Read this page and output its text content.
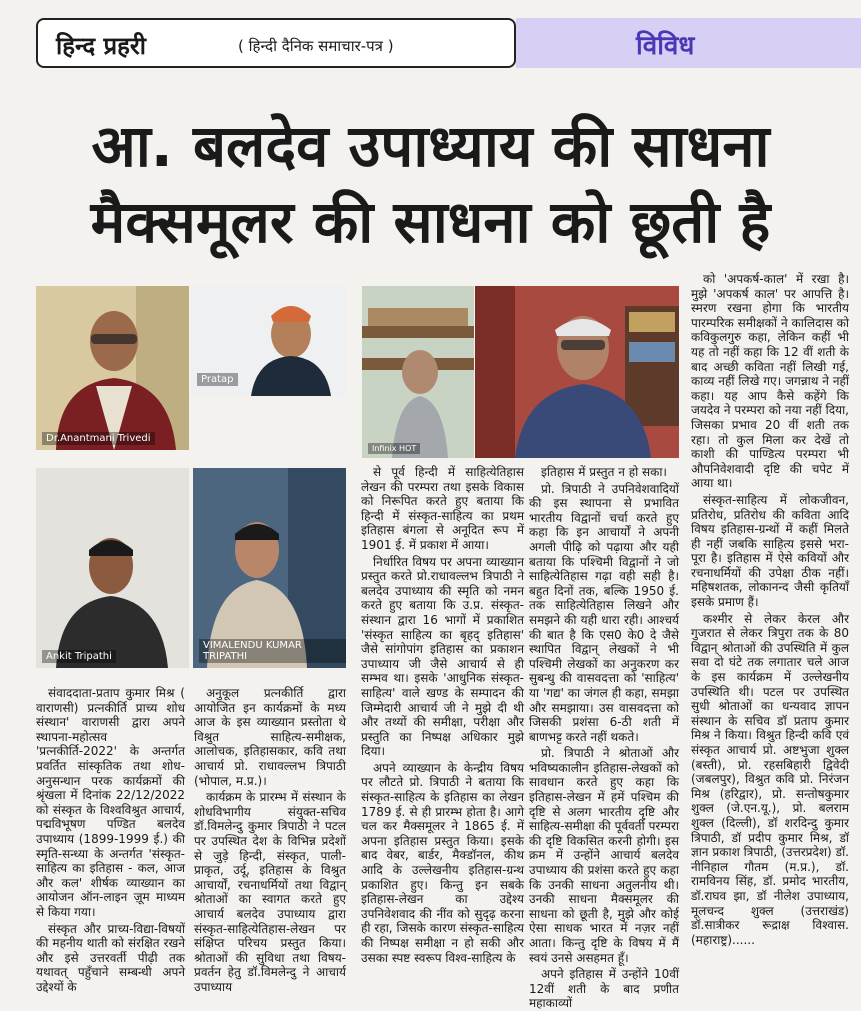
हिन्द प्रहरी	( हिन्दी दैनिक समाचार-पत्र )	विविध
आ. बलदेव उपाध्याय की साधना
मैक्समूलर की साधना को छूती है
Dr.Anantmani Trivedi
Pratap
Ankit Tripathi
VIMALENDU KUMAR TRIPATHI
Infinix HOT

संवाददाता-प्रताप कुमार मिश्र ( वाराणसी) प्रत्नकीर्ति प्राच्य शोध संस्थान' वाराणसी द्वारा अपने स्थापना-महोत्सव 'प्रत्नकीर्ति-2022' के अन्तर्गत प्रवर्तित सांस्कृतिक तथा शोध-अनुसन्धान परक कार्यक्रमों की श्रृंखला में दिनांक 22/12/2022 को संस्कृत के विश्वविश्रुत आचार्य, पद्मविभूषण पण्डित बलदेव उपाध्याय (1899-1999 ई.) की स्मृति-सन्ध्या के अन्तर्गत 'संस्कृत-साहित्य का इतिहास - कल, आज और कल' शीर्षक व्याख्यान का आयोजन ऑन-लाइन ज़ूम माध्यम से किया गया।

संस्कृत और प्राच्य-विद्या-विषयों की महनीय थाती को संरक्षित रखने और इसे उत्तरवर्ती पीढ़ी तक यथावत् पहुँचाने सम्बन्धी अपने उद्देश्यों के

अनुकूल प्रत्नकीर्ति द्वारा आयोजित इन कार्यक्रमों के मध्य आज के इस व्याख्यान प्रस्तोता थे विश्रुत साहित्य-समीक्षक, आलोचक, इतिहासकार, कवि तथा आचार्य प्रो. राधावल्लभ त्रिपाठी (भोपाल, म.प्र.)।

कार्यक्रम के प्रारम्भ में संस्थान के शोधविभागीय संयुक्त-सचिव डॉ.विमलेन्दु कुमार त्रिपाठी ने पटल पर उपस्थित देश के विभिन्न प्रदेशों से जुड़े हिन्दी, संस्कृत, पाली-प्राकृत, उर्दू, इतिहास के विश्रुत आचार्यों, रचनाधर्मियों तथा विद्वान् श्रोताओं का स्वागत करते हुए आचार्य बलदेव उपाध्याय द्वारा संस्कृत-साहित्येतिहास-लेखन पर संक्षिप्त परिचय प्रस्तुत किया। श्रोताओं की सुविधा तथा विषय-प्रवर्तन हेतु डॉ.विमलेन्दु ने आचार्य उपाध्याय

से पूर्व हिन्दी में साहित्येतिहास लेखन की परम्परा तथा इसके विकास को निरूपित करते हुए बताया कि हिन्दी में संस्कृत-साहित्य का प्रथम इतिहास बंगला से अनूदित रूप में 1901 ई. में प्रकाश में आया।

निर्धारित विषय पर अपना व्याख्यान प्रस्तुत करते प्रो.राधावल्लभ त्रिपाठी ने बलदेव उपाध्याय की स्मृति को नमन करते हुए बताया कि उ.प्र. संस्कृत-संस्थान द्वारा 16 भागों में प्रकाशित 'संस्कृत साहित्य का बृहद् इतिहास' जैसे सांगोपांग इतिहास का प्रकाशन उपाध्याय जी जैसे आचार्य से ही सम्भव था। इसके 'आधुनिक संस्कृत-साहित्य' वाले खण्ड के सम्पादन की जिम्मेदारी आचार्य जी ने मुझे दी थी और तथ्यों की समीक्षा, परीक्षा और प्रस्तुति का निष्पक्ष अधिकार मुझे दिया।

अपने व्याख्यान के केन्द्रीय विषय पर लौटते प्रो. त्रिपाठी ने बताया कि संस्कृत-साहित्य के इतिहास का लेखन 1789 ई. से ही प्रारम्भ होता है। आगे चल कर मैक्समूलर ने 1865 ई. में अपना इतिहास प्रस्तुत किया। इसके बाद वेबर, बार्डर, मैक्डॉनल, कीथ आदि के उल्लेखनीय इतिहास-ग्रन्थ प्रकाशित हुए। किन्तु इन सबके इतिहास-लेखन का उद्देश्य उपनिवेशवाद की नींव को सुदृढ़ करना ही रहा, जिसके कारण संस्कृत-साहित्य की निष्पक्ष समीक्षा न हो सकी और उसका स्पष्ट स्वरूप विश्व-साहित्य के

इतिहास में प्रस्तुत न हो सका।

प्रो. त्रिपाठी ने उपनिवेशवादियों की इस स्थापना से प्रभावित भारतीय विद्वानों चर्चा करते हुए कहा कि इन आचार्यों ने अपनी अगली पीढ़ि को पढ़ाया और यही बताया कि पश्चिमी विद्वानों ने जो साहित्येतिहास गढ़ा वही सही है। बहुत दिनों तक, बल्कि 1950 ई. तक साहित्येतिहास लिखने और समझने की यही धारा रही। आश्चर्य की बात है कि एस0 के0 दे जैसे स्थापित विद्वान् लेखकों ने भी पश्चिमी लेखकों का अनुकरण कर सुबन्धु की वासवदत्ता को 'साहित्य' या 'गद्य' का जंगल ही कहा, समझा और समझाया। उस वासवदत्ता को जिसकी प्रशंसा 6-ठी शती में बाणभट्ट करते नहीं थकते।

प्रो. त्रिपाठी ने श्रोताओं और भविष्यकालीन इतिहास-लेखकों को सावधान करते हुए कहा कि इतिहास-लेखन में हमें पश्चिम की दृष्टि से अलग भारतीय दृष्टि और साहित्य-समीक्षा की पूर्ववर्ती परम्परा की दृष्टि विकसित करनी होगी। इस क्रम में उन्होंने आचार्य बलदेव उपाध्याय की प्रशंसा करते हुए कहा कि उनकी साधना अतुलनीय थी। उनकी साधना मैक्समूलर की साधना को छूती है, मुझे और कोई ऐसा साधक भारत में नज़र नहीं आता। किन्तु दृष्टि के विषय में मैं स्वयं उनसे असहमत हूँ।

अपने इतिहास में उन्होंने 10वीं 12वीं शती के बाद प्रणीत महाकाव्यों

को 'अपकर्ष-काल' में रखा है। मुझे 'अपकर्ष काल' पर आपत्ति है। स्मरण रखना होगा कि भारतीय पारम्परिक समीक्षकों ने कालिदास को कविकुलगुरु कहा, लेकिन कहीं भी यह तो नहीं कहा कि 12 वीं शती के बाद अच्छी कविता नहीं लिखी गई, काव्य नहीं लिखे गए। जगन्नाथ ने नहीं कहा। यह आप कैसे कहेंगे कि जयदेव ने परम्परा को नया नहीं दिया, जिसका प्रभाव 20 वीं शती तक रहा। तो कुल मिला कर देखें तो काशी की पाण्डित्य परम्परा भी औपनिवेशवादी दृष्टि की चपेट में आया था।

संस्कृत-साहित्य में लोकजीवन, प्रतिरोध, प्रतिरोध की कविता आदि विषय इतिहास-ग्रन्थों में कहीं मिलते ही नहीं जबकि साहित्य इससे भरा-पूरा है। इतिहास में ऐसे कवियों और रचनाधर्मियों की उपेक्षा ठीक नहीं। महिषशतक, लोकानन्द जैसी कृतियाँ इसके प्रमाण हैं।

कश्मीर से लेकर केरल और गुजरात से लेकर त्रिपुरा तक के 80 विद्वान् श्रोताओं की उपस्थिति में कुल सवा दो घंटे तक लगातार चले आज के इस कार्यक्रम में उल्लेखनीय उपस्थिति थी। पटल पर उपस्थित सुधी श्रोताओं का धन्यवाद ज्ञापन संस्थान के सचिव डॉ प्रताप कुमार मिश्र ने किया। विश्रुत हिन्दी कवि एवं संस्कृत आचार्य प्रो. अष्टभुजा शुक्ल (बस्ती), प्रो. रहसबिहारी द्विवेदी (जबलपुर), विश्रुत कवि प्रो. निरंजन मिश्र (हरिद्वार), प्रो. सन्तोषकुमार शुक्ल (जे.एन.यू.), प्रो. बलराम शुक्ल (दिल्ली), डॉ शरदिन्दु कुमार त्रिपाठी, डॉ प्रदीप कुमार मिश्र, डॉ ज्ञान प्रकाश त्रिपाठी, (उत्तरप्रदेश) डॉ. नीनिहाल गौतम (म.प्र.), डॉ. रामविनय सिंह, डॉ. प्रमोद भारतीय, डॉ.राघव झा, डॉ नीलेश उपाध्याय, मूलचन्द शुक्ल (उत्तराखंड) डॉ.सात्रीकर रूद्राक्ष विश्वास. (महाराष्ट्र)......
